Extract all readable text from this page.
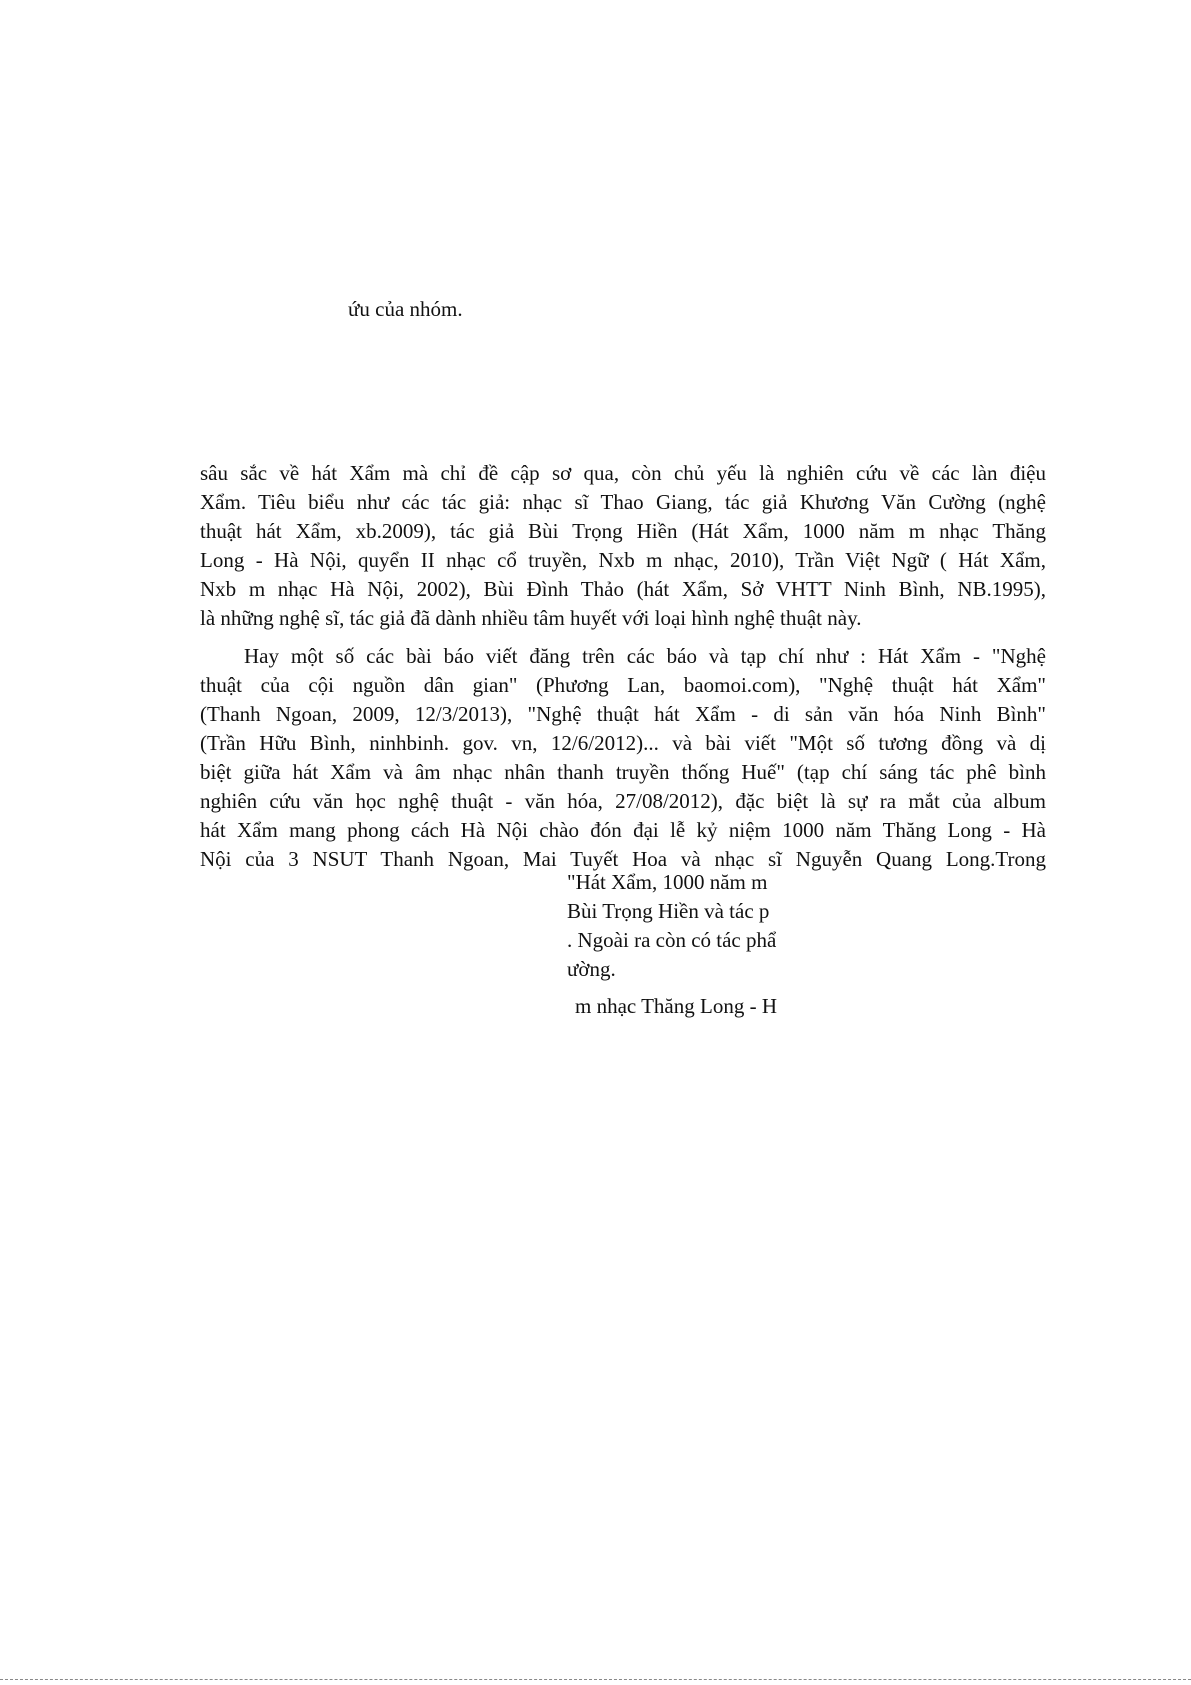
ứu của nhóm.
sâu sắc về hát Xẩm mà chỉ đề cập sơ qua, còn chủ yếu là nghiên cứu về các làn điệu
Xẩm. Tiêu biểu như các tác giả: nhạc sĩ Thao Giang, tác giả Khương Văn Cường (nghệ
thuật hát Xẩm, xb.2009), tác giả Bùi Trọng Hiền (Hát Xẩm, 1000 năm m nhạc Thăng
Long - Hà Nội, quyển II nhạc cổ truyền, Nxb m nhạc, 2010), Trần Việt Ngữ ( Hát Xẩm,
Nxb m nhạc Hà Nội, 2002), Bùi Đình Thảo (hát Xẩm, Sở VHTT Ninh Bình, NB.1995),
là những nghệ sĩ, tác giả đã dành nhiều tâm huyết với loại hình nghệ thuật này.
Hay một số các bài báo viết đăng trên các báo và tạp chí như : Hát Xẩm - "Nghệ
thuật của cội nguồn dân gian" (Phương Lan, baomoi.com), "Nghệ thuật hát Xẩm"
(Thanh Ngoan, 2009, 12/3/2013), "Nghệ thuật hát Xẩm - di sản văn hóa Ninh Bình"
(Trần Hữu Bình, ninhbinh. gov. vn, 12/6/2012)... và bài viết "Một số tương đồng và dị
biệt giữa hát Xẩm và âm nhạc nhân thanh truyền thống Huế" (tạp chí sáng tác phê bình
nghiên cứu văn học nghệ thuật - văn hóa, 27/08/2012), đặc biệt là sự ra mắt của album
hát Xẩm mang phong cách Hà Nội chào đón đại lễ kỷ niệm 1000 năm Thăng Long - Hà
Nội của 3 NSUT Thanh Ngoan, Mai Tuyết Hoa và nhạc sĩ Nguyễn Quang Long.Trong
"Hát Xẩm, 1000 năm m
Bùi Trọng Hiền và tác p
. Ngoài ra còn có tác phẩ
ường.
m nhạc Thăng Long - H
